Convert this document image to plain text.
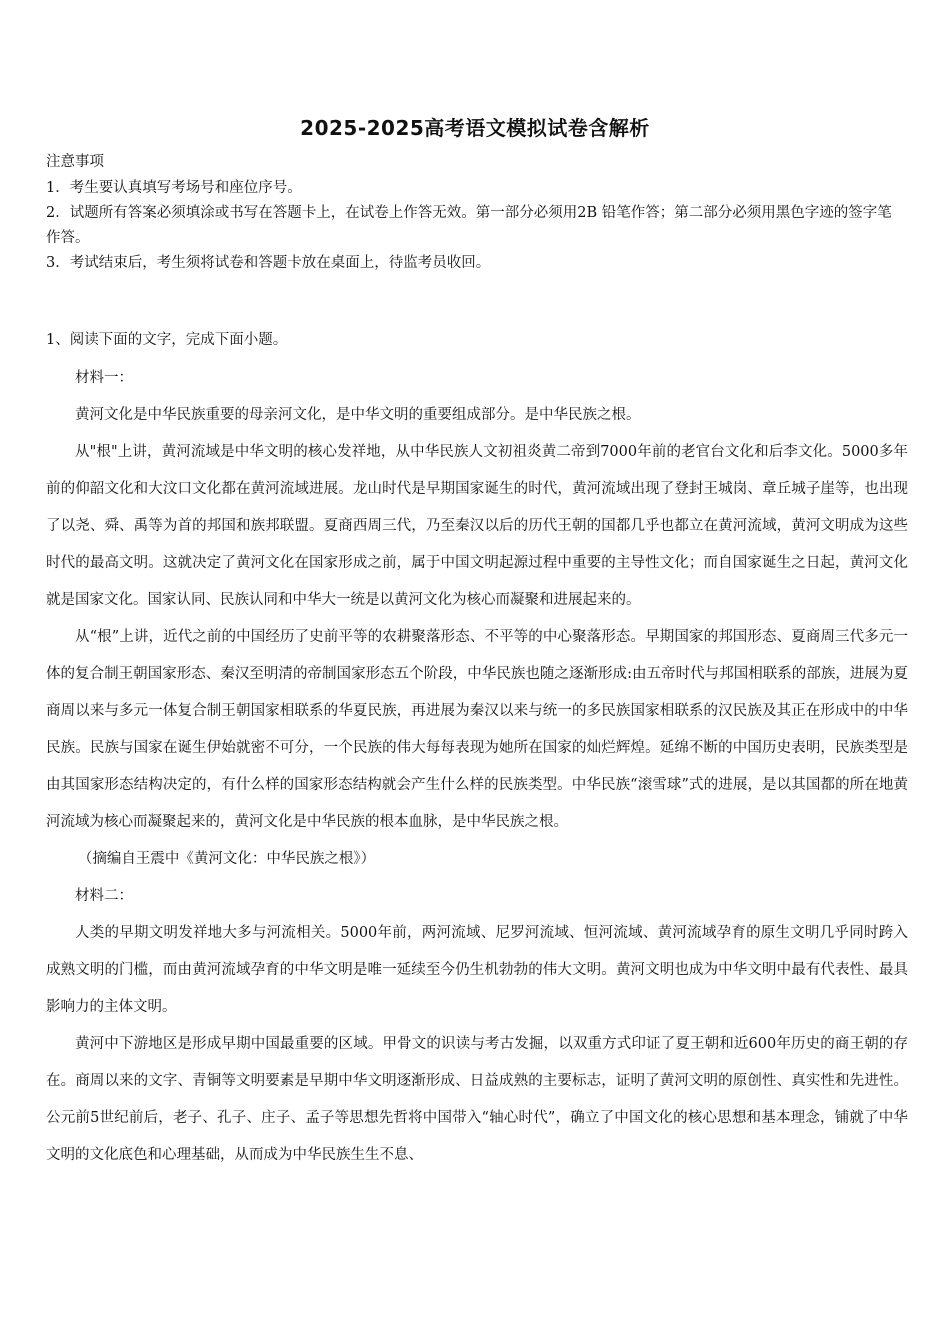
2025-2025高考语文模拟试卷含解析

注意事项

1．考生要认真填写考场号和座位序号。

2．试题所有答案必须填涂或书写在答题卡上，在试卷上作答无效。第一部分必须用2B 铅笔作答；第二部分必须用黑色字迹的签字笔作答。

3．考试结束后，考生须将试卷和答题卡放在桌面上，待监考员收回。

1、阅读下面的文字，完成下面小题。

材料一：

黄河文化是中华民族重要的母亲河文化，是中华文明的重要组成部分。是中华民族之根。

从"根"上讲，黄河流域是中华文明的核心发祥地，从中华民族人文初祖炎黄二帝到7000年前的老官台文化和后李文化。5000多年前的仰韶文化和大汶口文化都在黄河流域进展。龙山时代是早期国家诞生的时代，黄河流域出现了登封王城岗、章丘城子崖等，也出现了以尧、舜、禹等为首的邦国和族邦联盟。夏商西周三代，乃至秦汉以后的历代王朝的国都几乎也都立在黄河流域，黄河文明成为这些时代的最高文明。这就决定了黄河文化在国家形成之前，属于中国文明起源过程中重要的主导性文化；而自国家诞生之日起，黄河文化就是国家文化。国家认同、民族认同和中华大一统是以黄河文化为核心而凝聚和进展起来的。

从“根”上讲，近代之前的中国经历了史前平等的农耕聚落形态、不平等的中心聚落形态。早期国家的邦国形态、夏商周三代多元一体的复合制王朝国家形态、秦汉至明清的帝制国家形态五个阶段，中华民族也随之逐渐形成:由五帝时代与邦国相联系的部族，进展为夏商周以来与多元一体复合制王朝国家相联系的华夏民族，再进展为秦汉以来与统一的多民族国家相联系的汉民族及其正在形成中的中华民族。民族与国家在诞生伊始就密不可分，一个民族的伟大每每表现为她所在国家的灿烂辉煌。延绵不断的中国历史表明，民族类型是由其国家形态结构决定的，有什么样的国家形态结构就会产生什么样的民族类型。中华民族“滚雪球”式的进展，是以其国都的所在地黄河流域为核心而凝聚起来的，黄河文化是中华民族的根本血脉，是中华民族之根。

（摘编自王震中《黄河文化：中华民族之根》）

材料二：

人类的早期文明发祥地大多与河流相关。5000年前，两河流域、尼罗河流域、恒河流域、黄河流域孕育的原生文明几乎同时跨入成熟文明的门槛，而由黄河流域孕育的中华文明是唯一延续至今仍生机勃勃的伟大文明。黄河文明也成为中华文明中最有代表性、最具影响力的主体文明。

黄河中下游地区是形成早期中国最重要的区域。甲骨文的识读与考古发掘，以双重方式印证了夏王朝和近600年历史的商王朝的存在。商周以来的文字、青铜等文明要素是早期中华文明逐渐形成、日益成熟的主要标志，证明了黄河文明的原创性、真实性和先进性。公元前5世纪前后，老子、孔子、庄子、孟子等思想先哲将中国带入“轴心时代”，确立了中国文化的核心思想和基本理念，铺就了中华文明的文化底色和心理基础，从而成为中华民族生生不息、
